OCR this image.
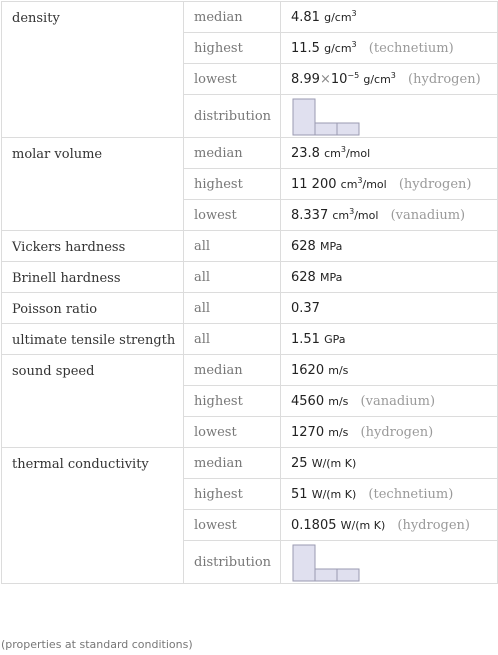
density	median	4.81 $g/cm^3$
	highest	11.5 $g/cm^3$ (technetium)
	lowest	$8.99\times 10^{-5}$ $g/cm^3$ (hydrogen)
	distribution	

molar volume	median	23.8 $cm^3$/mol
	highest	11 200 $cm^3$/mol (hydrogen)
	lowest	8.337 $cm^3$/mol (vanadium)
Vickers hardness	all	628 MPa
Brinell hardness	all	628 MPa
Poisson ratio	all	0.37
ultimate tensile strength	all	1.51 GPa
sound speed	median	1620 m/s
	highest	4560 m/s (vanadium)
	lowest	1270 m/s (hydrogen)
thermal conductivity	median	25 W/(m K)
	highest	51 W/(m K) (technetium)
	lowest	0.1805 W/(m K) (hydrogen)
	distribution	
(properties at standard conditions)
